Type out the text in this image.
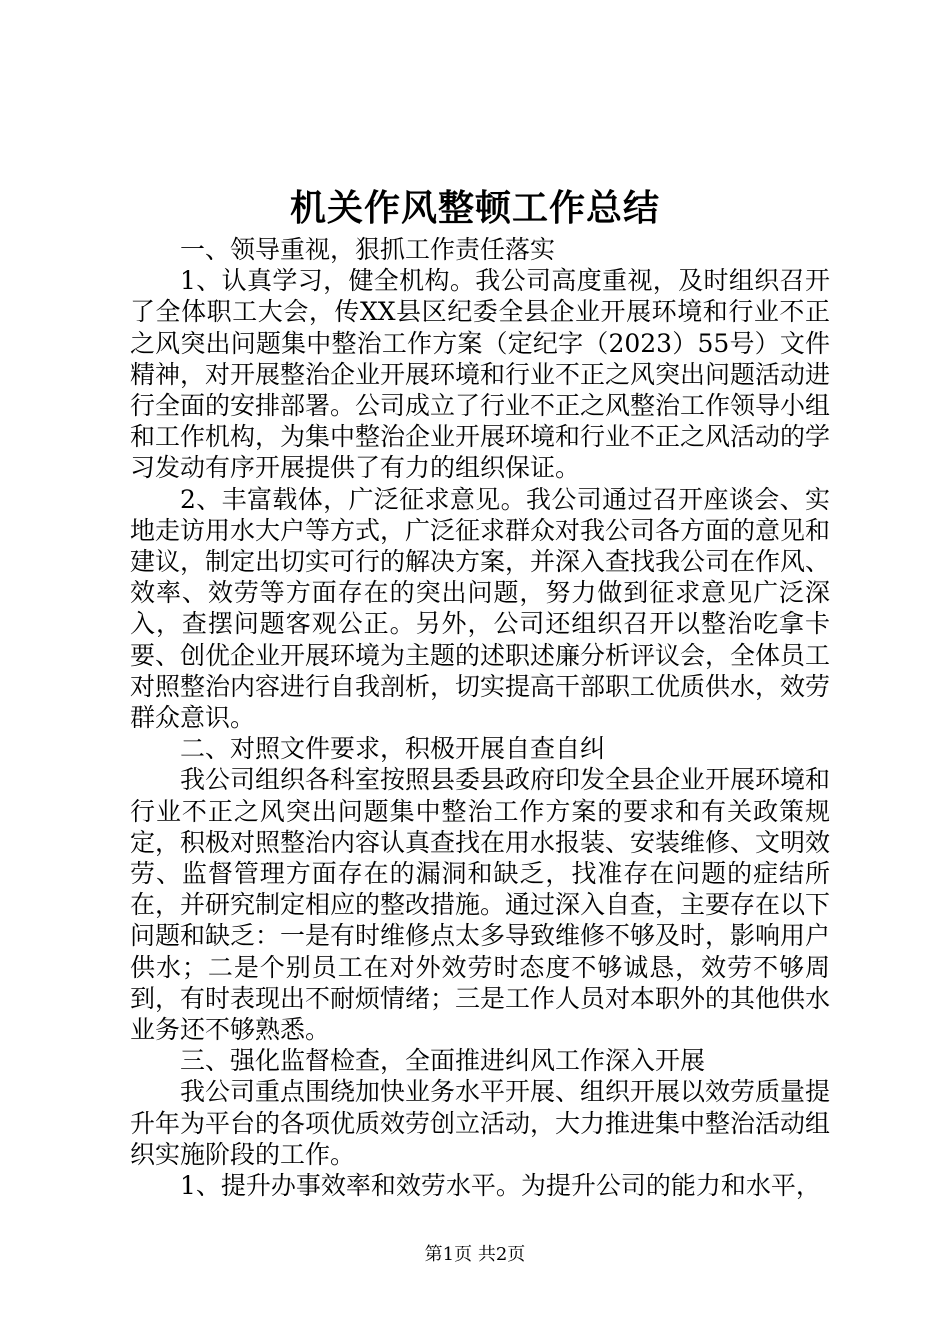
机关作风整顿工作总结

一、领导重视，狠抓工作责任落实

1、认真学习，健全机构。我公司高度重视，及时组织召开了全体职工大会，传XX县区纪委全县企业开展环境和行业不正之风突出问题集中整治工作方案（定纪字（2023）55号）文件精神，对开展整治企业开展环境和行业不正之风突出问题活动进行全面的安排部署。公司成立了行业不正之风整治工作领导小组和工作机构，为集中整治企业开展环境和行业不正之风活动的学习发动有序开展提供了有力的组织保证。

2、丰富载体，广泛征求意见。我公司通过召开座谈会、实地走访用水大户等方式，广泛征求群众对我公司各方面的意见和建议，制定出切实可行的解决方案，并深入查找我公司在作风、效率、效劳等方面存在的突出问题，努力做到征求意见广泛深入，查摆问题客观公正。另外，公司还组织召开以整治吃拿卡要、创优企业开展环境为主题的述职述廉分析评议会，全体员工对照整治内容进行自我剖析，切实提高干部职工优质供水，效劳群众意识。

二、对照文件要求，积极开展自查自纠

我公司组织各科室按照县委县政府印发全县企业开展环境和行业不正之风突出问题集中整治工作方案的要求和有关政策规定，积极对照整治内容认真查找在用水报装、安装维修、文明效劳、监督管理方面存在的漏洞和缺乏，找准存在问题的症结所在，并研究制定相应的整改措施。通过深入自查，主要存在以下问题和缺乏：一是有时维修点太多导致维修不够及时，影响用户供水；二是个别员工在对外效劳时态度不够诚恳，效劳不够周到，有时表现出不耐烦情绪；三是工作人员对本职外的其他供水业务还不够熟悉。

三、强化监督检查，全面推进纠风工作深入开展

我公司重点围绕加快业务水平开展、组织开展以效劳质量提升年为平台的各项优质效劳创立活动，大力推进集中整治活动组织实施阶段的工作。

1、提升办事效率和效劳水平。为提升公司的能力和水平，

第1页 共2页
